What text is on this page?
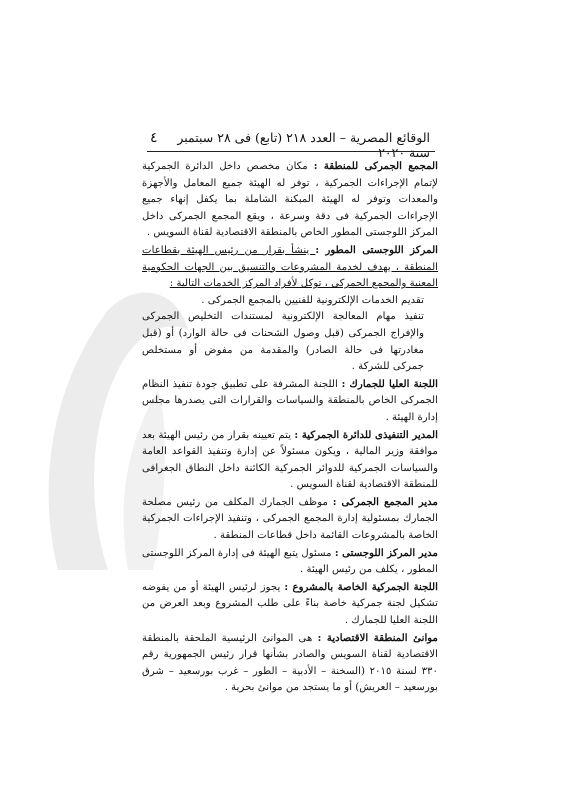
الوقائع المصرية – العدد ٢١٨ (تابع) فى ٢٨ سبتمبر سنة ٢٠٢٠
٤

المجمع الجمركى للمنطقة : مكان مخصص داخل الدائرة الجمركية لإتمام الإجراءات الجمركية ، توفر له الهيئة جميع المعامل والأجهزة والمعدات وتوفر له الهيئة المبكنة الشاملة بما يكفل إنهاء جميع الإجراءات الجمركية فى دقة وسرعة ، ويقع المجمع الجمركى داخل المركز اللوجستى المطور الخاص بالمنطقة الاقتصادية لقناة السويس .

المركز اللوجستى المطور : ينشأ بقرار من رئيس الهيئة بقطاعات المنطقة ، يهدف لخدمة المشروعات والتنسيق بين الجهات الحكومية المعنية والمجمع الجمركى ، توكل لأفراد المركز الخدمات التالية :

تقديم الخدمات الإلكترونية للفنيين بالمجمع الجمركى .

تنفيذ مهام المعالجة الإلكترونية لمستندات التخليص الجمركى والإفراج الجمركى (قبل وصول الشحنات فى حالة الوارد) أو (قبل مغادرتها فى حالة الصادر) والمقدمة من مفوض أو مستخلص جمركى للشركة .

اللجنة العليا للجمارك : اللجنة المشرفة على تطبيق جودة تنفيذ النظام الجمركى الخاص بالمنطقة والسياسات والقرارات التى يصدرها مجلس إدارة الهيئة .

المدير التنفيذى للدائرة الجمركية : يتم تعيينه بقرار من رئيس الهيئة بعد موافقة وزير المالية ، ويكون مسئولاً عن إدارة وتنفيذ القواعد العامة والسياسات الجمركية للدوائر الجمركية الكائنة داخل النطاق الجغرافى للمنطقة الاقتصادية لقناة السويس .

مدير المجمع الجمركى : موظف الجمارك المكلف من رئيس مصلحة الجمارك بمسئولية إدارة المجمع الجمركى ، وتنفيذ الإجراءات الجمركية الخاصة بالمشروعات القائمة داخل قطاعات المنطقة .

مدير المركز اللوجستى : مسئول يتبع الهيئة فى إدارة المركز اللوجستى المطور ، يكلف من رئيس الهيئة .

اللجنة الجمركية الخاصة بالمشروع : يجوز لرئيس الهيئة أو من يفوضه تشكيل لجنة جمركية خاصة بناءً على طلب المشروع وبعد العرض من اللجنة العليا للجمارك .

موانئ المنطقة الاقتصادية : هى الموانئ الرئيسية الملحقة بالمنطقة الاقتصادية لقناة السويس والصادر بشأنها قرار رئيس الجمهورية رقم ٣٣٠ لسنة ٢٠١٥ (السخنة – الأدبية – الطور – غرب بورسعيد – شرق بورسعيد – العريش) أو ما يستجد من موانئ بحرية .
